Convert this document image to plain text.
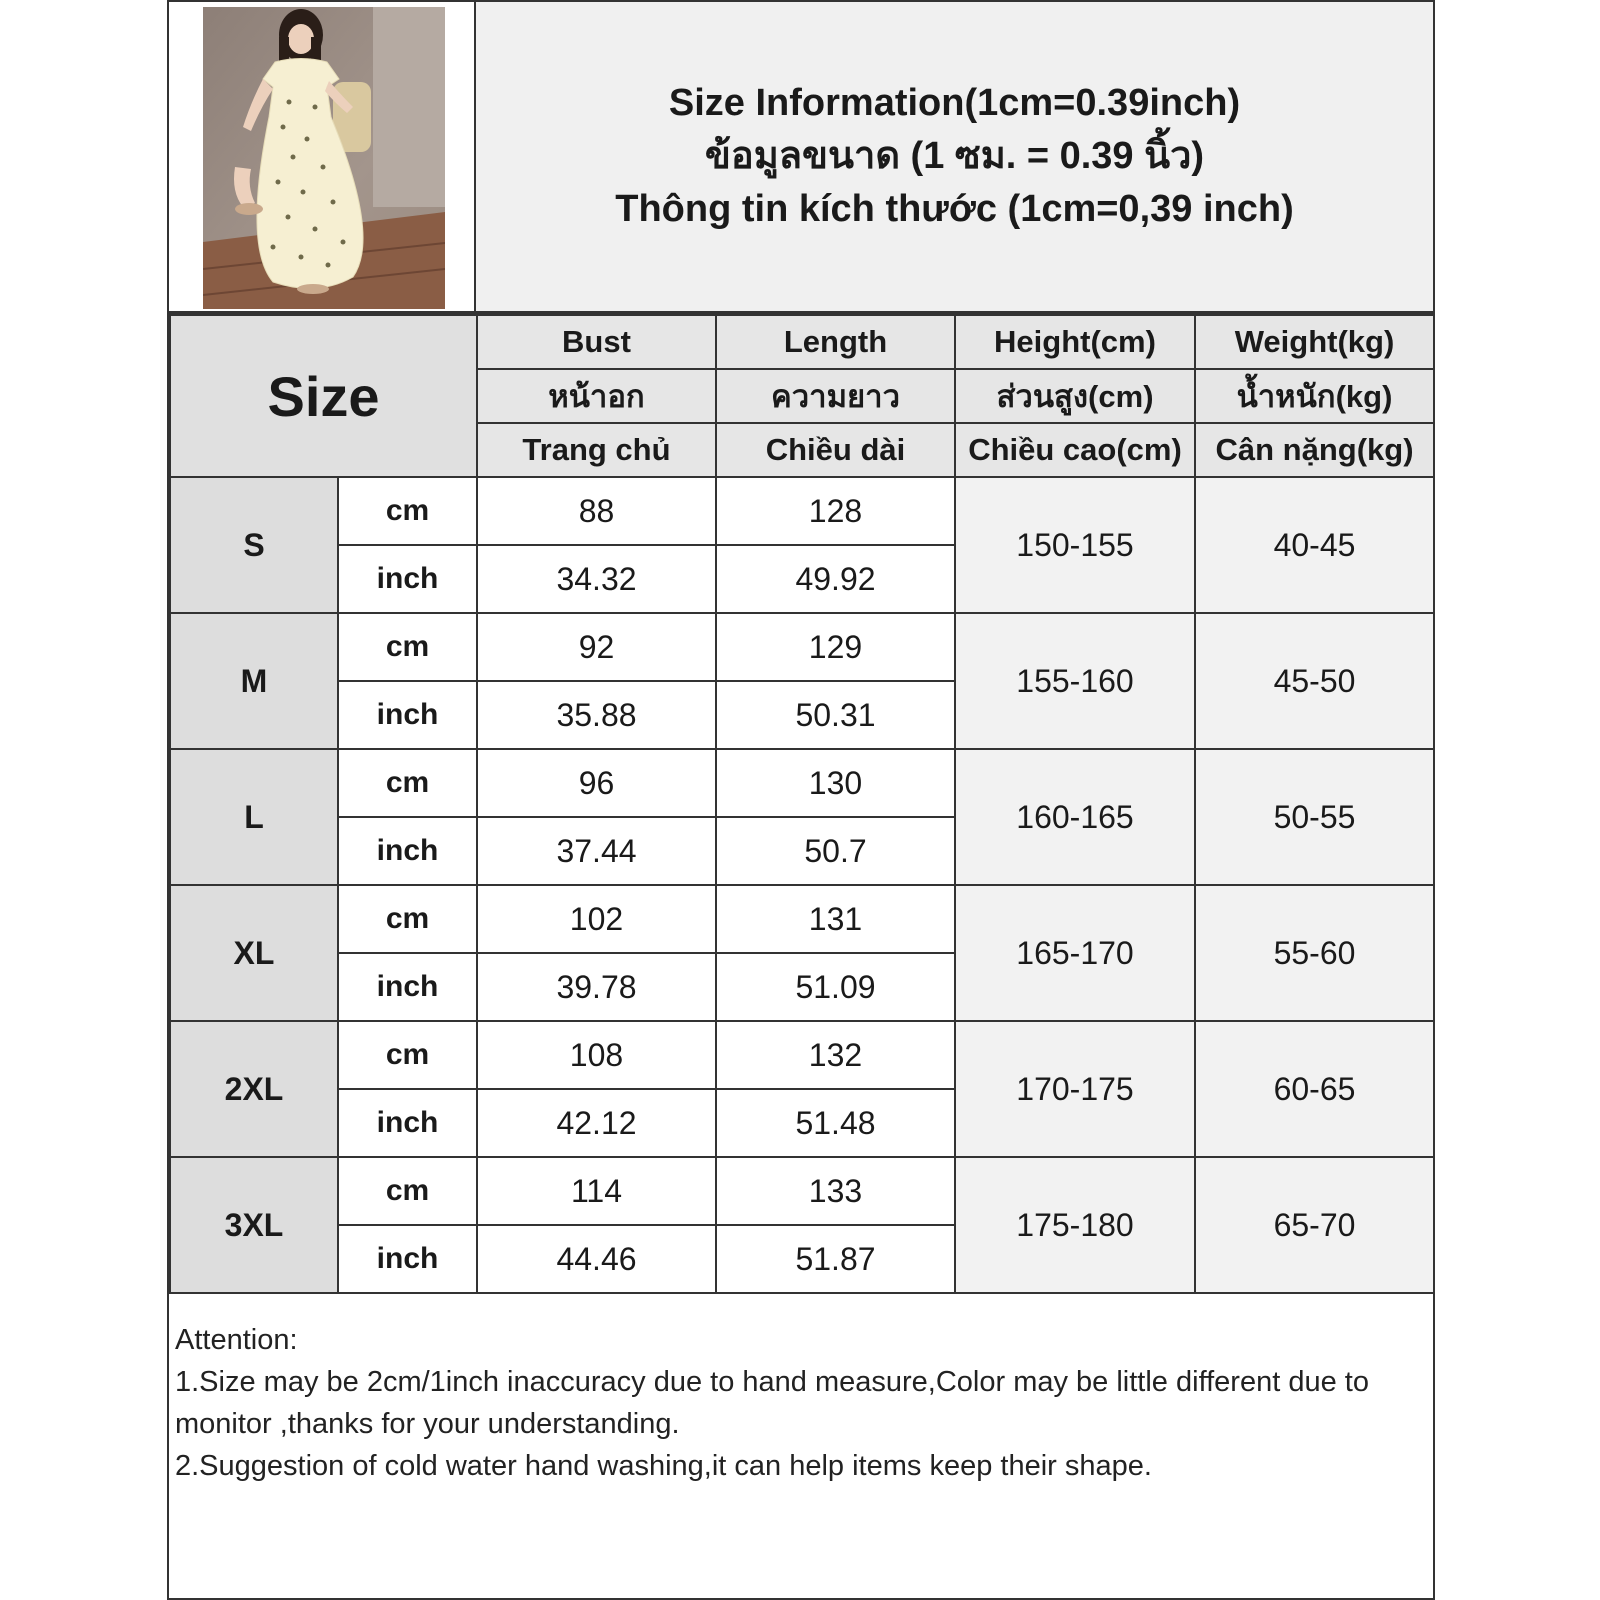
Size Information(1cm=0.39inch)
ข้อมูลขนาด (1 ซม. = 0.39 นิ้ว)
Thông tin kích thước (1cm=0,39 inch)
Size		Bust	Length	Height(cm)	Weight(kg)
		หน้าอก	ความยาว	ส่วนสูง(cm)	น้ำหนัก(kg)
		Trang chủ	Chiều dài	Chiều cao(cm)	Cân nặng(kg)
S	cm	88	128	150-155	40-45
	inch	34.32	49.92		
M	cm	92	129	155-160	45-50
	inch	35.88	50.31		
L	cm	96	130	160-165	50-55
	inch	37.44	50.7		
XL	cm	102	131	165-170	55-60
	inch	39.78	51.09		
2XL	cm	108	132	170-175	60-65
	inch	42.12	51.48		
3XL	cm	114	133	175-180	65-70
	inch	44.46	51.87		

Attention:

1.Size may be 2cm/1inch inaccuracy due to hand measure,Color may be little different due to monitor ,thanks for your understanding.

2.Suggestion of cold water hand washing,it can help items keep their shape.
